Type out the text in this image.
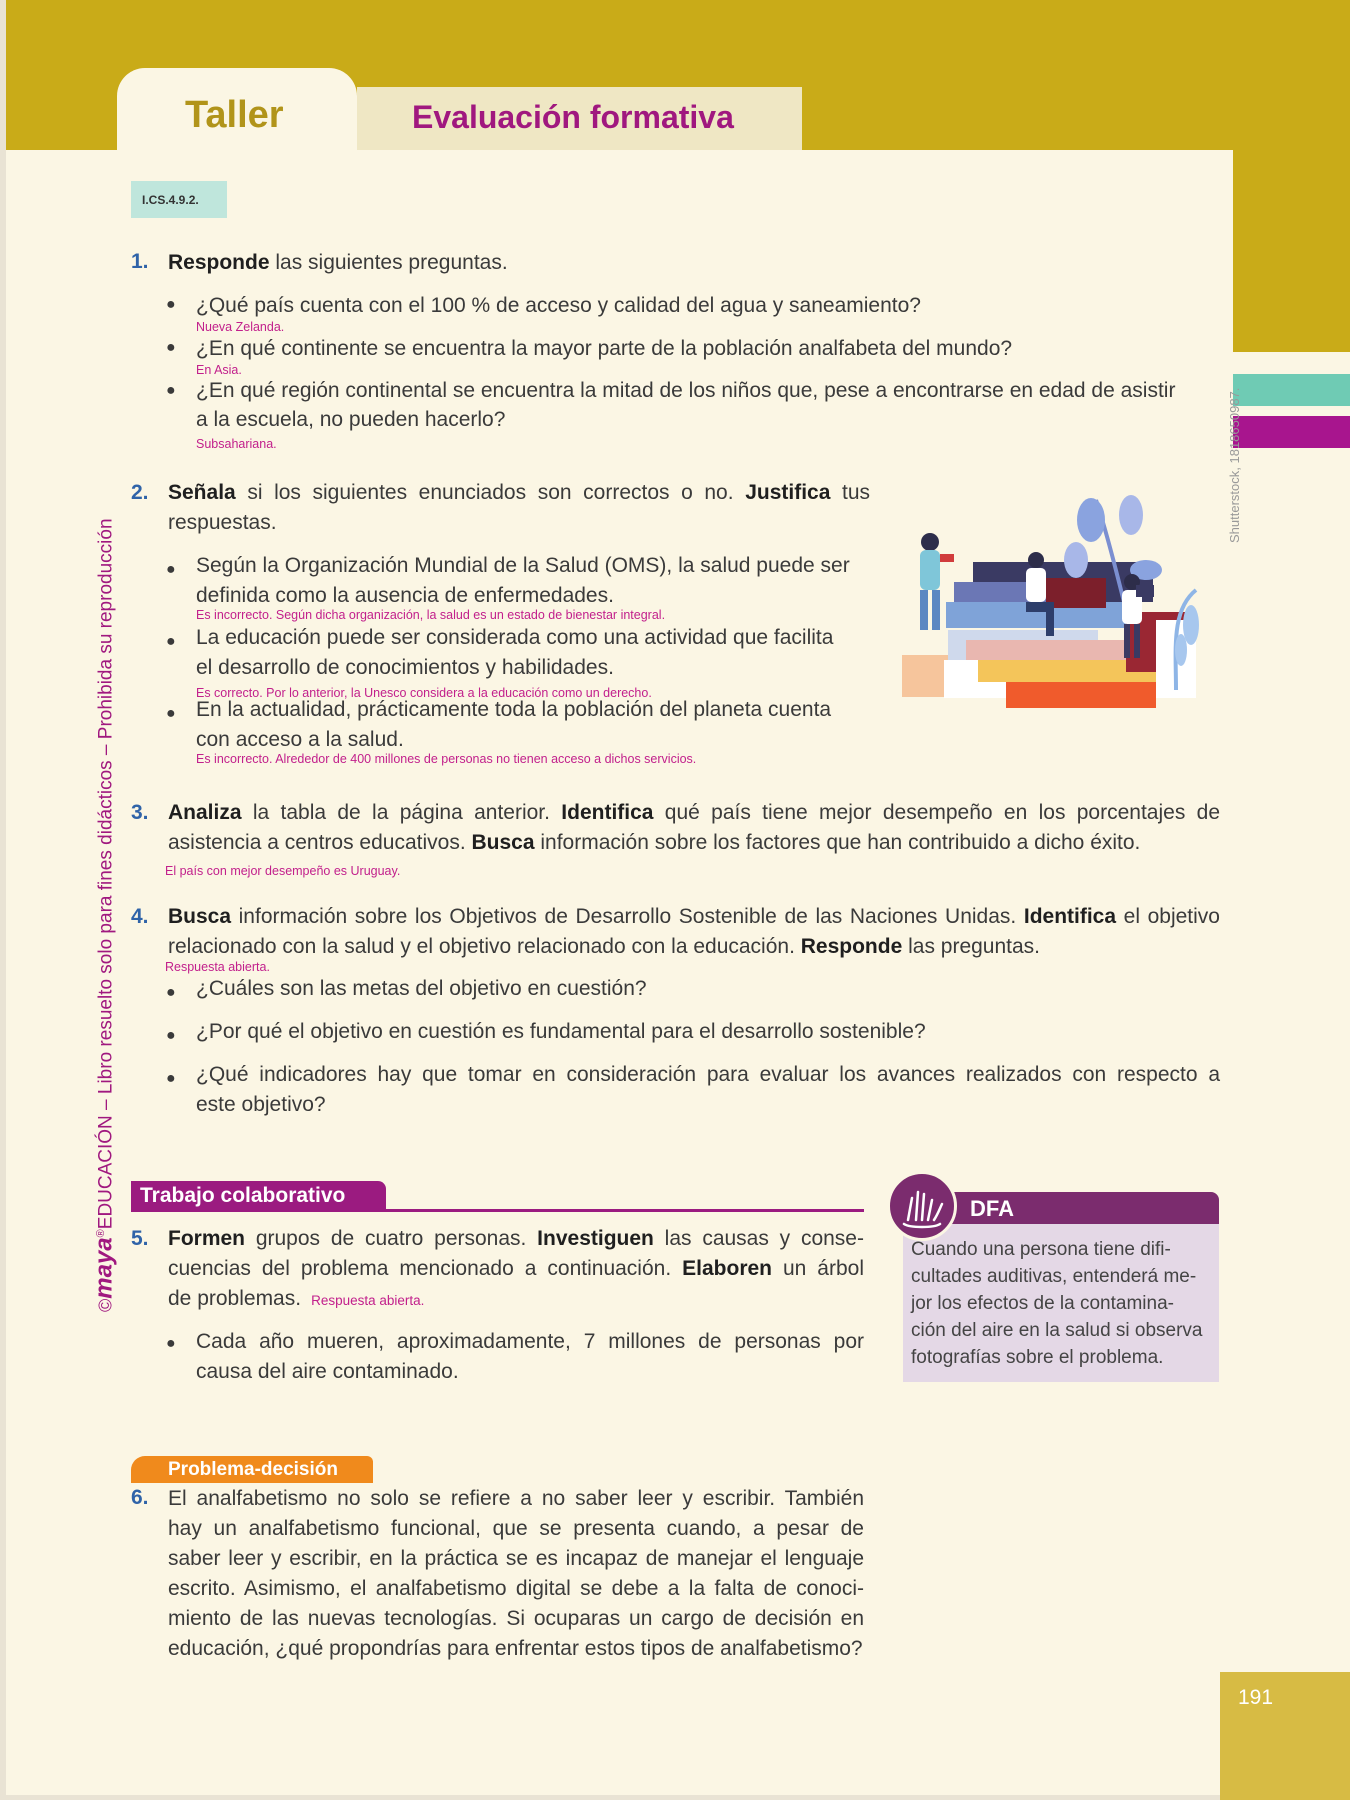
Taller	Evaluación formativa
©maya®EDUCACIÓN – Libro resuelto solo para fines didácticos – Prohibida su reproducción
I.CS.4.9.2.
1. Responde las siguientes preguntas.
● ¿Qué país cuenta con el 100 % de acceso y calidad del agua y saneamiento?
Nueva Zelanda.
● ¿En qué continente se encuentra la mayor parte de la población analfabeta del mundo?
En Asia.
● ¿En qué región continental se encuentra la mitad de los niños que, pese a encontrarse en edad de asistir
a la escuela, no pueden hacerlo?
Subsahariana.
2. Señala si los siguientes enunciados son correctos o no. Justifica tus
respuestas.
● Según la Organización Mundial de la Salud (OMS), la salud puede ser
definida como la ausencia de enfermedades.
Es incorrecto. Según dicha organización, la salud es un estado de bienestar integral.
● La educación puede ser considerada como una actividad que facilita
el desarrollo de conocimientos y habilidades.
Es correcto. Por lo anterior, la Unesco considera a la educación como un derecho.
● En la actualidad, prácticamente toda la población del planeta cuenta
con acceso a la salud.
Es incorrecto. Alrededor de 400 millones de personas no tienen acceso a dichos servicios.
Shutterstock, 1818650987.
3. Analiza la tabla de la página anterior. Identifica qué país tiene mejor desempeño en los porcentajes de
asistencia a centros educativos. Busca información sobre los factores que han contribuido a dicho éxito.
El país con mejor desempeño es Uruguay.
4. Busca información sobre los Objetivos de Desarrollo Sostenible de las Naciones Unidas. Identifica el objetivo
relacionado con la salud y el objetivo relacionado con la educación. Responde las preguntas.
Respuesta abierta.
● ¿Cuáles son las metas del objetivo en cuestión?
● ¿Por qué el objetivo en cuestión es fundamental para el desarrollo sostenible?
● ¿Qué indicadores hay que tomar en consideración para evaluar los avances realizados con respecto a
este objetivo?
Trabajo colaborativo
5. Formen grupos de cuatro personas. Investiguen las causas y conse-
cuencias del problema mencionado a continuación. Elaboren un árbol
de problemas. Respuesta abierta.
● Cada año mueren, aproximadamente, 7 millones de personas por
causa del aire contaminado.
DFA
Cuando una persona tiene difi-
cultades auditivas, entenderá me-
jor los efectos de la contamina-
ción del aire en la salud si observa
fotografías sobre el problema.
Problema-decisión
6. El analfabetismo no solo se refiere a no saber leer y escribir. También
hay un analfabetismo funcional, que se presenta cuando, a pesar de
saber leer y escribir, en la práctica se es incapaz de manejar el lenguaje
escrito. Asimismo, el analfabetismo digital se debe a la falta de conoci-
miento de las nuevas tecnologías. Si ocuparas un cargo de decisión en
educación, ¿qué propondrías para enfrentar estos tipos de analfabetismo?
191
